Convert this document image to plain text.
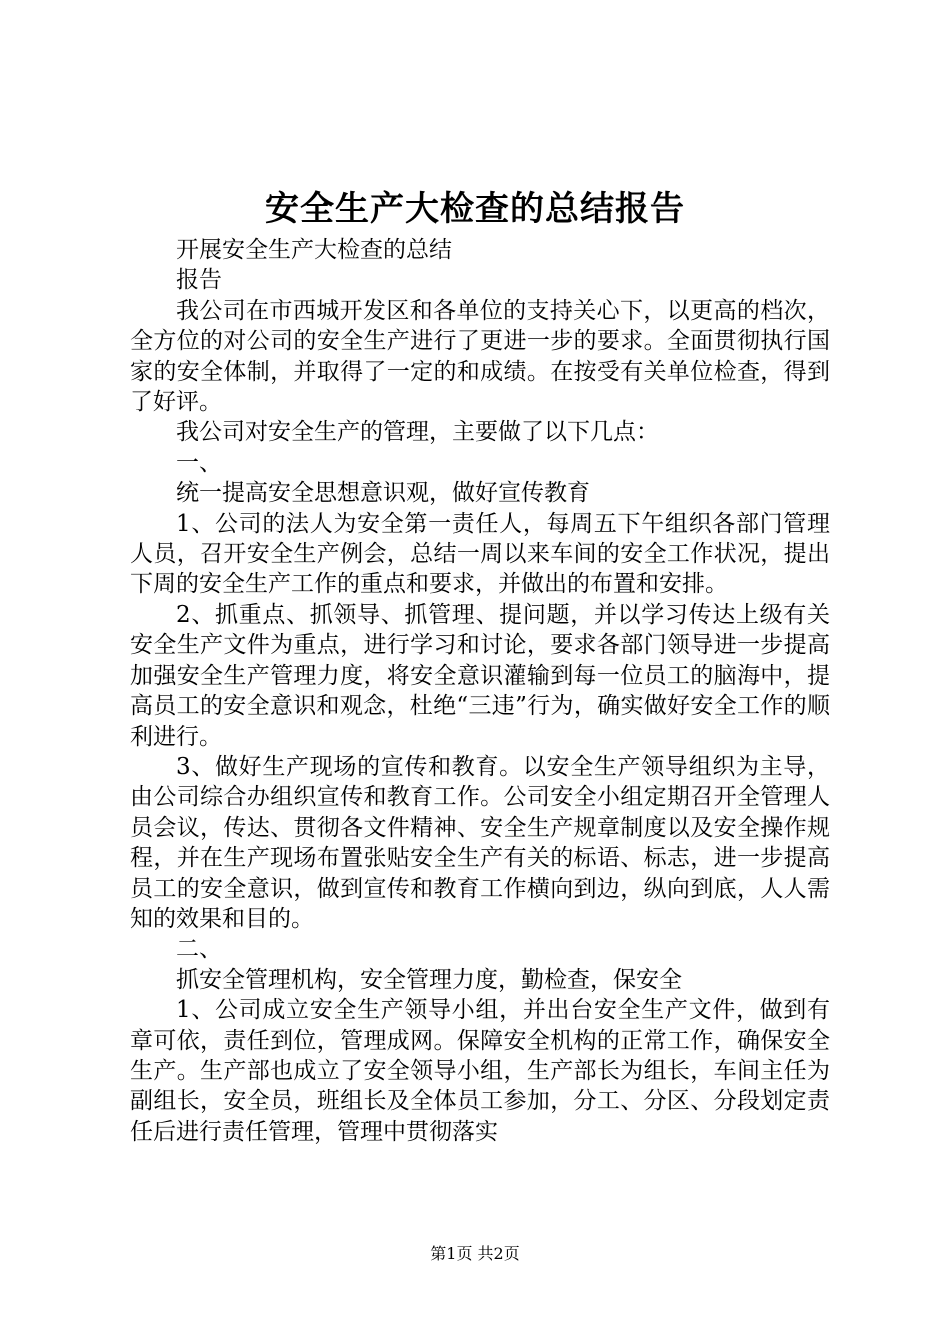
安全生产大检查的总结报告

开展安全生产大检查的总结

报告

我公司在市西城开发区和各单位的支持关心下，以更高的档次，全方位的对公司的安全生产进行了更进一步的要求。全面贯彻执行国家的安全体制，并取得了一定的和成绩。在按受有关单位检查，得到了好评。

我公司对安全生产的管理，主要做了以下几点：

一、

统一提高安全思想意识观，做好宣传教育

1、公司的法人为安全第一责任人，每周五下午组织各部门管理人员，召开安全生产例会，总结一周以来车间的安全工作状况，提出下周的安全生产工作的重点和要求，并做出的布置和安排。

2、抓重点、抓领导、抓管理、提问题，并以学习传达上级有关安全生产文件为重点，进行学习和讨论，要求各部门领导进一步提高加强安全生产管理力度，将安全意识灌输到每一位员工的脑海中，提高员工的安全意识和观念，杜绝“三违”行为，确实做好安全工作的顺利进行。

3、做好生产现场的宣传和教育。以安全生产领导组织为主导，由公司综合办组织宣传和教育工作。公司安全小组定期召开全管理人员会议，传达、贯彻各文件精神、安全生产规章制度以及安全操作规程，并在生产现场布置张贴安全生产有关的标语、标志，进一步提高员工的安全意识，做到宣传和教育工作横向到边，纵向到底，人人需知的效果和目的。

二、

抓安全管理机构，安全管理力度，勤检查，保安全

1、公司成立安全生产领导小组，并出台安全生产文件，做到有章可依，责任到位，管理成网。保障安全机构的正常工作，确保安全生产。生产部也成立了安全领导小组，生产部长为组长，车间主任为副组长，安全员，班组长及全体员工参加，分工、分区、分段划定责任后进行责任管理，管理中贯彻落实

第1页 共2页
